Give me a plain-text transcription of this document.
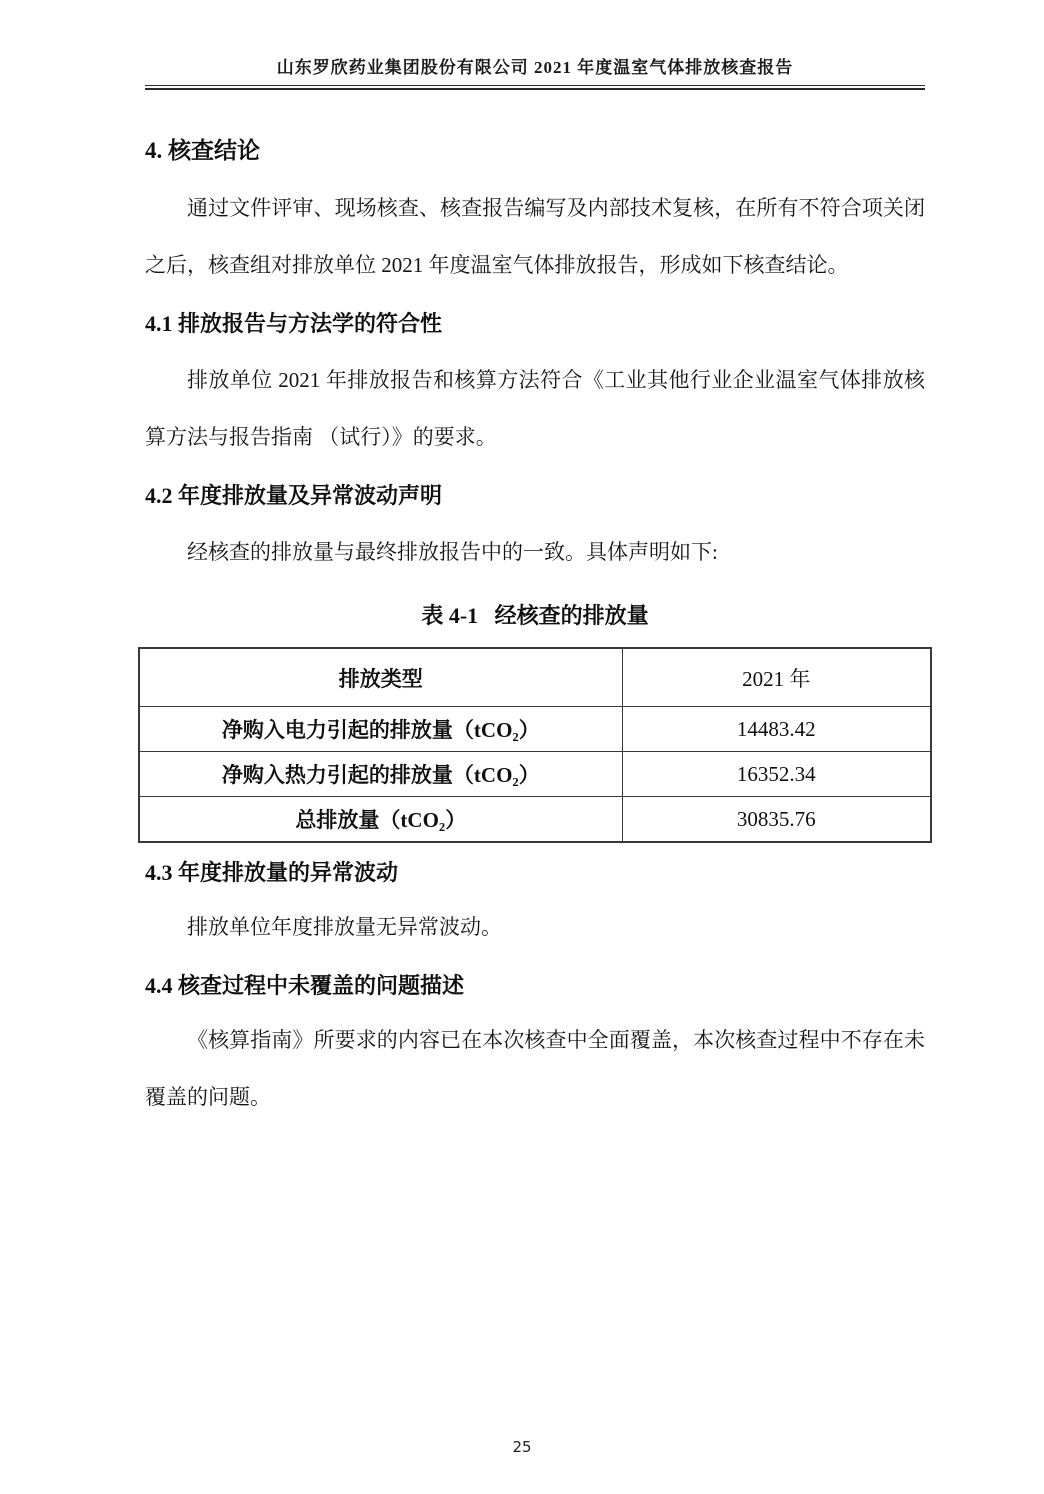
山东罗欣药业集团股份有限公司 2021 年度温室气体排放核查报告
4. 核查结论

通过文件评审、现场核查、核查报告编写及内部技术复核，在所有不符合项关闭之后，核查组对排放单位 2021 年度温室气体排放报告，形成如下核查结论。

4.1 排放报告与方法学的符合性

排放单位 2021 年排放报告和核算方法符合《工业其他行业企业温室气体排放核算方法与报告指南 （试行）》的要求。

4.2 年度排放量及异常波动声明

经核查的排放量与最终排放报告中的一致。具体声明如下:

表 4-1   经核查的排放量
排放类型	2021 年
净购入电力引起的排放量（tCO₂）	14483.42
净购入热力引起的排放量（tCO₂）	16352.34
总排放量（tCO₂）	30835.76
4.3 年度排放量的异常波动

排放单位年度排放量无异常波动。

4.4 核查过程中未覆盖的问题描述

《核算指南》所要求的内容已在本次核查中全面覆盖，本次核查过程中不存在未覆盖的问题。

25
